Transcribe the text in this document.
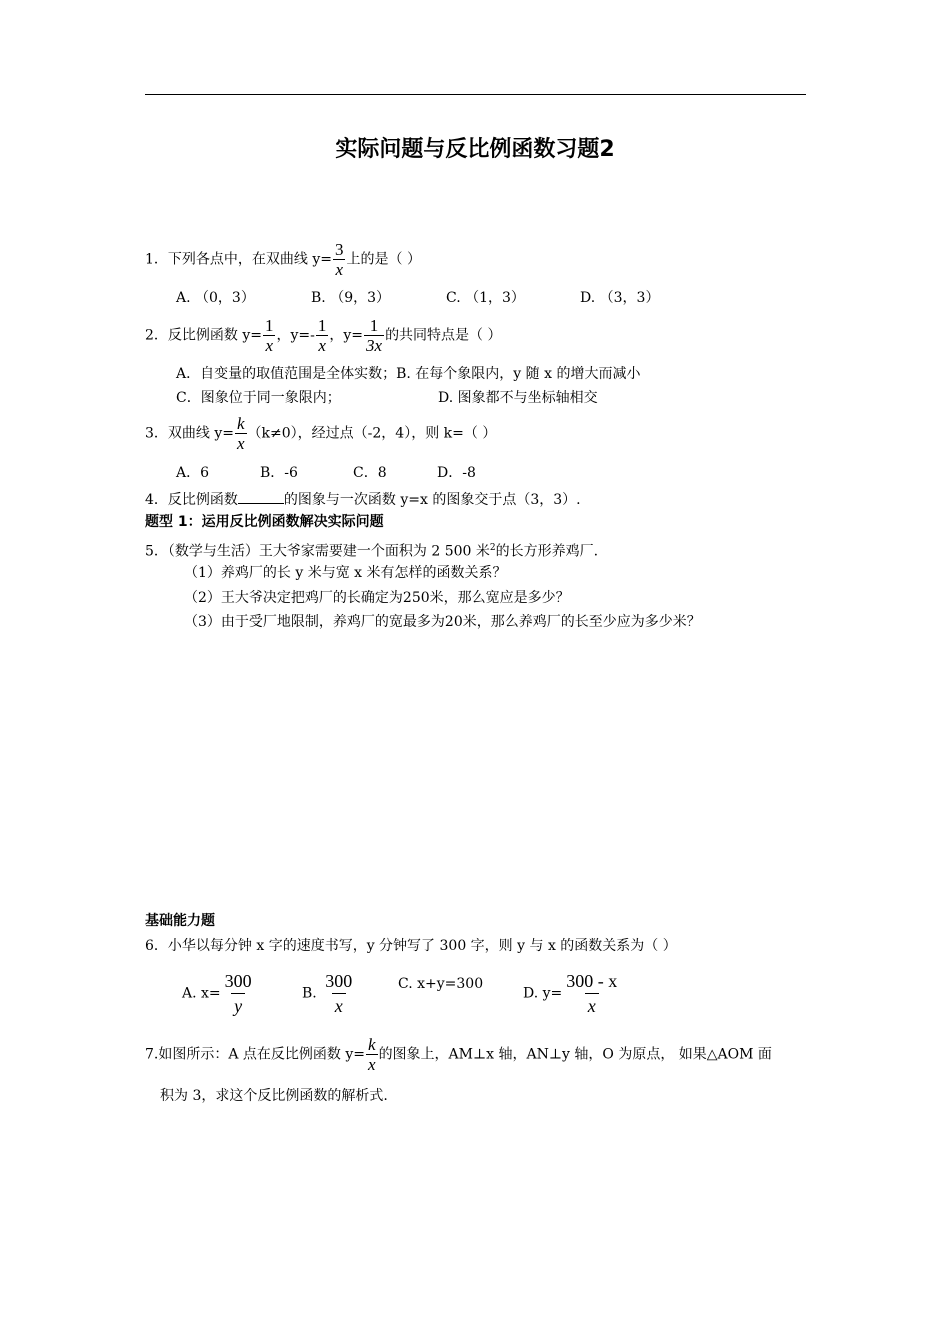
实际问题与反比例函数习题2
1．下列各点中，在双曲线 $y= \frac{3}{x}$ 上的是（ ）
A. （0，3）	B. （9，3）	C. （1，3）	D. （3，3）
2．反比例函数 $y= \frac{1}{x}$ ，$y=- \frac{1}{x}$ ，$y= \frac{1}{3x}$ 的共同特点是（ ）
A．自变量的取值范围是全体实数；B. 在每个象限内，y 随 x 的增大而减小
C．图象位于同一象限内；	D. 图象都不与坐标轴相交
3．双曲线 $y= \frac{k}{x} (k\ne 0)$，经过点（-2，4），则 k=（ ）
A．6	B．-6	C．8	D．-8
4．反比例函数	的图象与一次函数 y=x 的图象交于点（3，3）.
题型 1：运用反比例函数解决实际问题
5．（数学与生活）王大爷家需要建一个面积为 2 500 米$^2$的长方形养鸡厂.
（1）养鸡厂的长 y 米与宽 x 米有怎样的函数关系？
（2）王大爷决定把鸡厂的长确定为250米，那么宽应是多少？
（3）由于受厂地限制，养鸡厂的宽最多为20米，那么养鸡厂的长至少应为多少米？
基础能力题
6．小华以每分钟 x 字的速度书写，y 分钟写了 300 字，则 y 与 x 的函数关系为（ ）
A. $x= \frac{300}{y}$	B. $\frac{300}{x}$	C. x+y=300
D. $y= \frac{300 - x}{x}$
7.如图所示：A 点在反比例函数 $y= \frac{k}{x}$ 的图象上，AM⊥x 轴，AN⊥y 轴，O 为原点， 如果△AOM 面
积为 3，求这个反比例函数的解析式.
